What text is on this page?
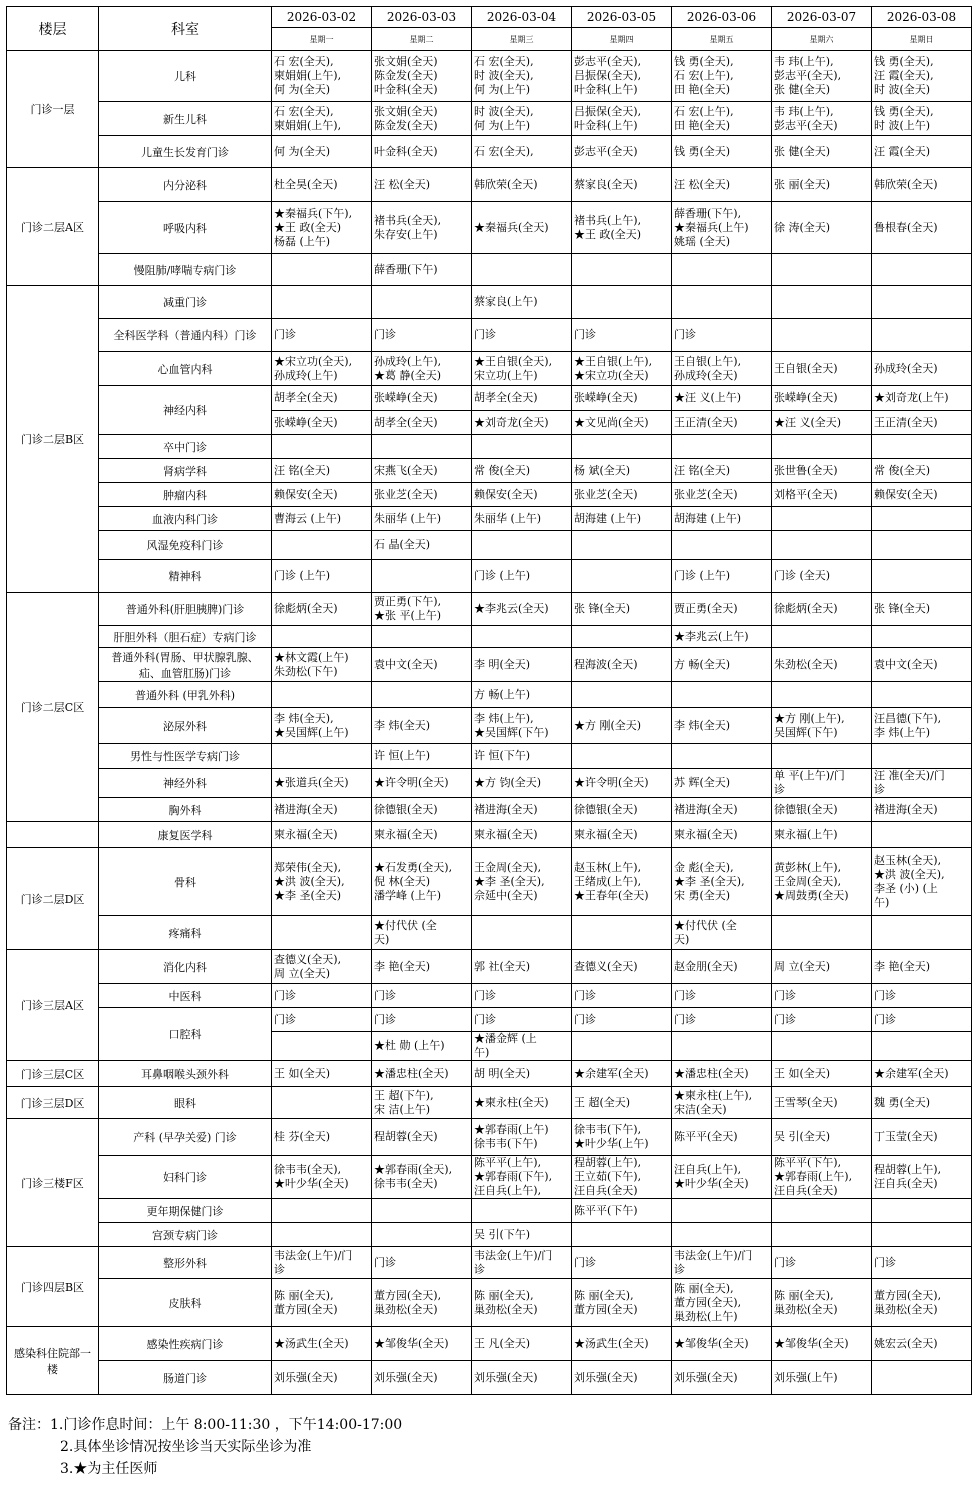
楼层	科室	2026-03-02	2026-03-03	2026-03-04	2026-03-05	2026-03-06	2026-03-07	2026-03-08
		星期一	星期二	星期三	星期四	星期五	星期六	星期日
门诊一层	儿科	石 宏(全天),
柬娟娟(上午),
何 为(全天)	张文娟(全天)
陈金发(全天)
叶金科(全天)	石 宏(全天),
时 波(全天),
何 为(上午)	彭志平(全天),
吕振保(全天),
叶金科(上午)	钱 勇(全天),
石 宏(上午),
田 艳(全天)	韦 玮(上午),
彭志平(全天),
张 健(全天)	钱 勇(全天),
汪 霞(全天),
时 波(全天)

	新生儿科	石 宏(全天),
柬娟娟(上午),	张文娟(全天)
陈金发(全天)	时 波(全天),
何 为(上午)	吕振保(全天),
叶金科(上午)	石 宏(上午),
田 艳(全天)	韦 玮(上午),
彭志平(全天)	钱 勇(全天),
时 波(上午)

	儿童生长发育门诊	何 为(全天)	叶金科(全天)	石 宏(全天),	彭志平(全天)	钱 勇(全天)	张 健(全天)	汪 霞(全天)

门诊二层A区	内分泌科	杜全昊(全天)	汪 松(全天)	韩欣荣(全天)	蔡家良(全天)	汪 松(全天)	张 丽(全天)	韩欣荣(全天)

	呼吸内科	★秦福兵(下午),
★王 政(全天)
杨磊 (上午)	褚书兵(全天),
朱存安(上午)	★秦福兵(全天)	褚书兵(上午),
★王 政(全天)	薛香珊(下午),
★秦福兵(上午)
姚瑶 (全天)	徐 涛(全天)	鲁根春(全天)

	慢阻肺/哮喘专病门诊		薛香珊(下午)					

门诊二层B区	减重门诊			蔡家良(上午)				

	全科医学科（普通内科）门诊	门诊	门诊	门诊	门诊	门诊		

	心血管内科	★宋立功(全天),
孙成玲(上午)	孙成玲(上午),
★葛 静(全天)	★王自银(全天),
宋立功(上午)	★王自银(上午),
★宋立功(全天)	王自银(上午),
孙成玲(全天)	王自银(全天)	孙成玲(全天)

	神经内科	胡孝全(全天)	张嵘峥(全天)	胡孝全(全天)	张嵘峥(全天)	★汪 义(上午)	张嵘峥(全天)	★刘奇龙(上午)

		张嵘峥(全天)	胡孝全(全天)	★刘奇龙(全天)	★文见尚(全天)	王正清(全天)	★汪 义(全天)	王正清(全天)

	卒中门诊							
	肾病学科	汪 铭(全天)	宋燕飞(全天)	常 俊(全天)	杨 斌(全天)	汪 铭(全天)	张世鲁(全天)	常 俊(全天)

	肿瘤内科	赖保安(全天)	张业芝(全天)	赖保安(全天)	张业芝(全天)	张业芝(全天)	刘格平(全天)	赖保安(全天)

	血液内科门诊	曹海云 (上午)	朱丽华 (上午)	朱丽华 (上午)	胡海建 (上午)	胡海建 (上午)		

	风湿免疫科门诊		石 晶(全天)					

	精神科	门诊 (上午)		门诊 (上午)		门诊 (上午)	门诊 (全天)	

门诊二层C区	普通外科(肝胆胰脾)门诊	徐彪炳(全天)	贾正勇(下午),
★张 平(上午)	★李兆云(全天)	张 锋(全天)	贾正勇(全天)	徐彪炳(全天)	张 锋(全天)

	肝胆外科（胆石症）专病门诊					★李兆云(上午)		

	普通外科(胃肠、甲状腺乳腺、疝、血管肛肠)门诊	★林文霞(上午)
朱劲松(下午)	袁中文(全天)	李 明(全天)	程海波(全天)	方 畅(全天)	朱劲松(全天)	袁中文(全天)

	普通外科 (甲乳外科)			方 畅(上午)				

	泌尿外科	李 炜(全天),
★吴国辉(上午)	李 炜(全天)	李 炜(上午),
★吴国辉(下午)	★方 刚(全天)	李 炜(全天)	★方 刚(上午),
吴国辉(下午)	汪昌德(下午),
李 炜(上午)

	男性与性医学专病门诊		许 恒(上午)	许 恒(下午)				

	神经外科	★张道兵(全天)	★许令明(全天)	★方 钧(全天)	★许令明(全天)	苏 辉(全天)	单 平(上午)/门
诊	汪 准(全天)/门
诊

	胸外科	褚进海(全天)	徐德银(全天)	褚进海(全天)	徐德银(全天)	褚进海(全天)	徐德银(全天)	褚进海(全天)

	康复医学科	柬永福(全天)	柬永福(全天)	柬永福(全天)	柬永福(全天)	柬永福(全天)	柬永福(上午)	

门诊二层D区	骨科	郑荣伟(全天),
★洪 波(全天),
★李 圣(全天)	★石发勇(全天),
倪 林(全天)
潘学峰 (上午)	王金周(全天),
★李 圣(全天),
佘延中(全天)	赵玉林(上午),
王绪成(上午),
★王春年(全天)	金 彪(全天),
★李 圣(全天),
宋 勇(全天)	黄彭林(上午),
王金周(全天),
★周鼓勇(全天)	赵玉林(全天),
★洪 波(全天),
李圣 (小) (上
午)

	疼痛科		★付代伏 (全
天)			★付代伏 (全
天)		

门诊三层A区	消化内科	查德义(全天),
周 立(全天)	李 艳(全天)	郭 社(全天)	查德义(全天)	赵金朋(全天)	周 立(全天)	李 艳(全天)

	中医科	门诊	门诊	门诊	门诊	门诊	门诊	门诊

	口腔科	门诊	门诊	门诊	门诊	门诊	门诊	门诊

			★杜 勋 (上午)	★潘金辉 (上
午)				

门诊三层C区	耳鼻咽喉头颈外科	王 如(全天)	★潘忠柱(全天)	胡 明(全天)	★余建军(全天)	★潘忠柱(全天)	王 如(全天)	★余建军(全天)

门诊三层D区	眼科		王 超(下午),
宋 洁(上午)	★柬永柱(全天)	王 超(全天)	★柬永柱(上午),
宋洁(全天)	王雪琴(全天)	魏 勇(全天)

门诊三楼F区	产科 (早孕关爱) 门诊	桂 芬(全天)	程胡蓉(全天)	★郭春雨(上午)
徐韦韦(下午)	徐韦韦(下午),
★叶少华(上午)	陈平平(全天)	吴 引(全天)	丁玉莹(全天)

	妇科门诊	徐韦韦(全天),
★叶少华(全天)	★郭春雨(全天),
徐韦韦(全天)	陈平平(上午),
★郭春雨(下午),
汪自兵(上午),	程胡蓉(上午),
王立茹(下午),
汪自兵(全天)	汪自兵(上午),
★叶少华(全天)	陈平平(下午),
★郭春雨(上午),
汪自兵(全天)	程胡蓉(上午),
汪自兵(全天)

	更年期保健门诊				陈平平(下午)			

	宫颈专病门诊			吴 引(下午)				

门诊四层B区	整形外科	韦法金(上午)/门
诊	门诊	韦法金(上午)/门
诊	门诊	韦法金(上午)/门
诊	门诊	门诊

	皮肤科	陈 丽(全天),
董方园(全天)	董方园(全天),
巢劲松(全天)	陈 丽(全天),
巢劲松(全天)	陈 丽(全天),
董方园(全天)	陈 丽(全天),
董方园(全天),
巢劲松(上午)	陈 丽(全天),
巢劲松(全天)	董方园(全天),
巢劲松(全天)

感染科住院部一楼	感染性疾病门诊	★汤武生(全天)	★邹俊华(全天)	王 凡(全天)	★汤武生(全天)	★邹俊华(全天)	★邹俊华(全天)	姚宏云(全天)

	肠道门诊	刘乐强(全天)	刘乐强(全天)	刘乐强(全天)	刘乐强(全天)	刘乐强(全天)	刘乐强(上午)	

备注：1.门诊作息时间：上午 8:00-11:30 ，下午14:00-17:00
2.具体坐诊情况按坐诊当天实际坐诊为准
3.★为主任医师
